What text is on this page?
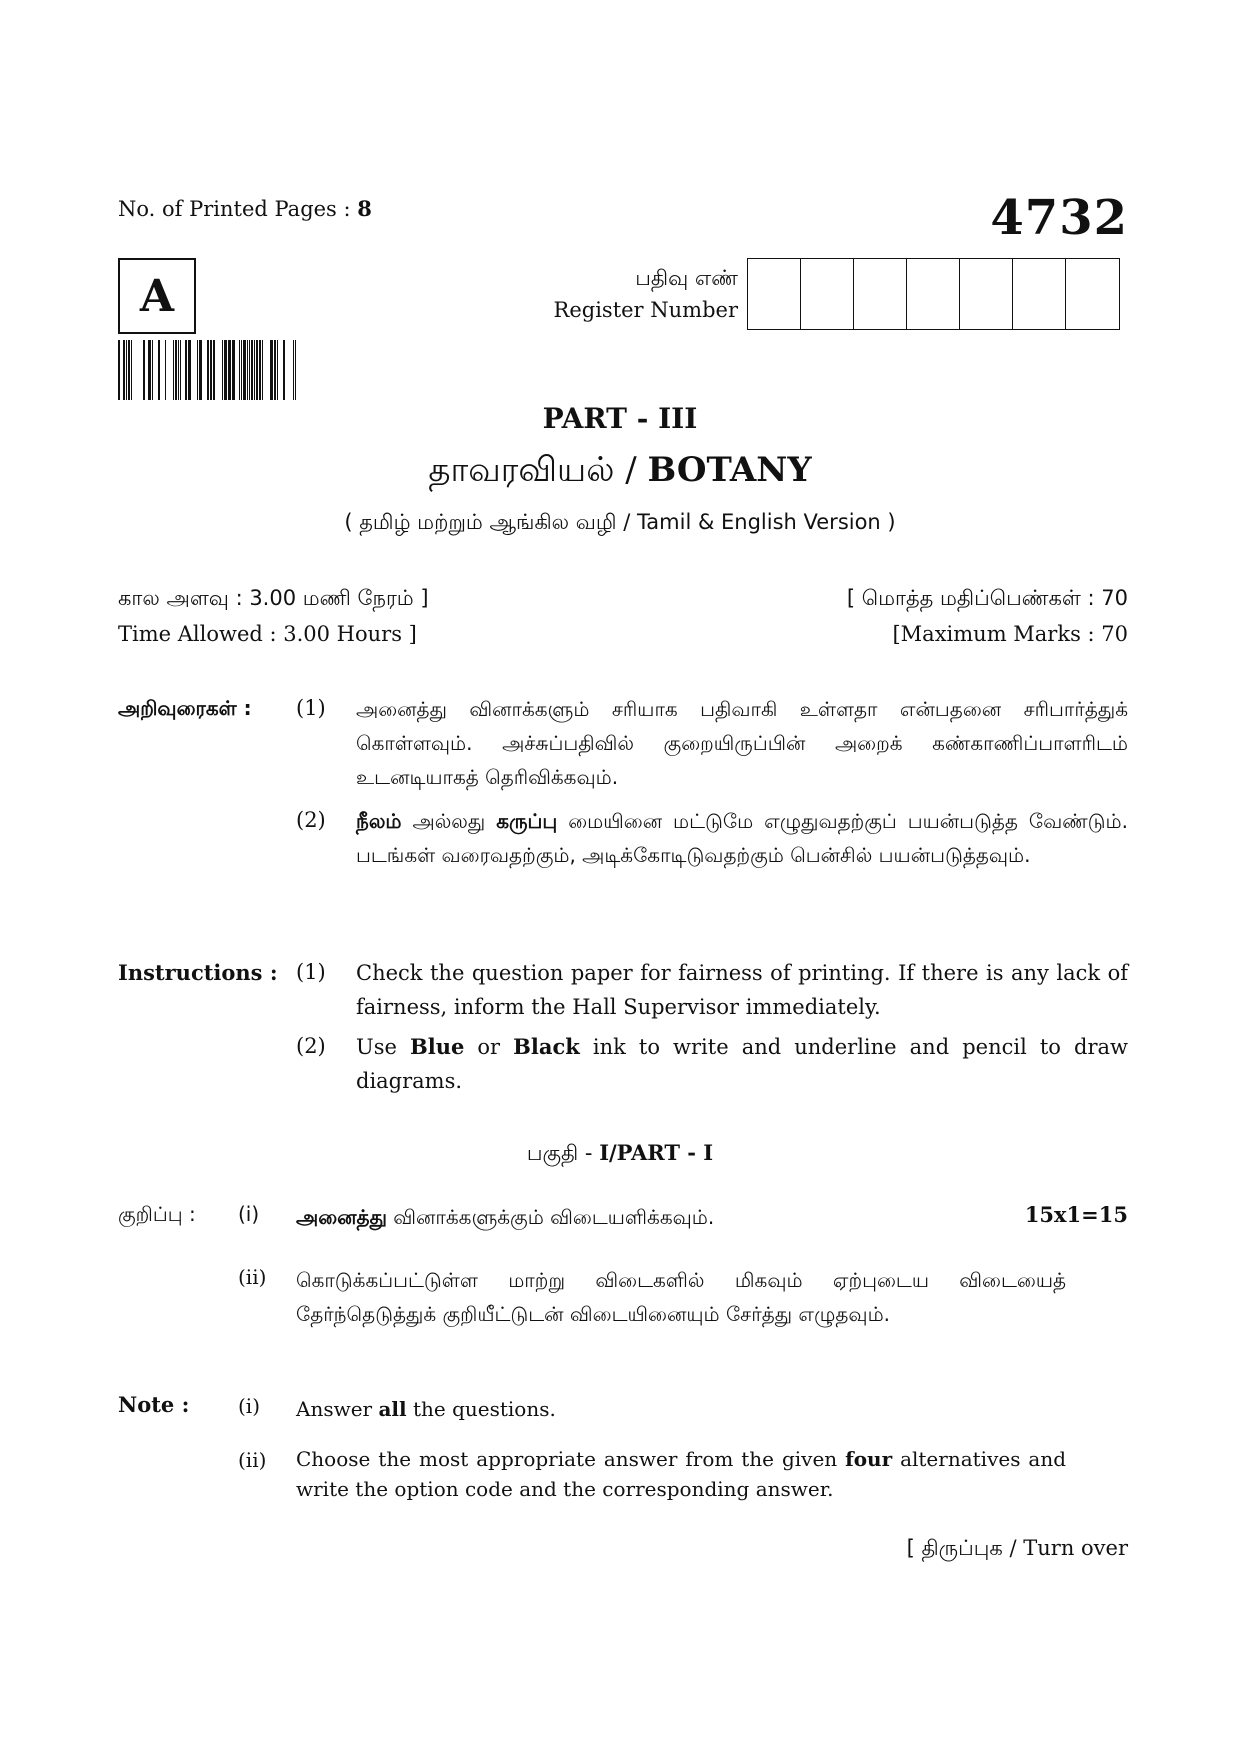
No. of Printed Pages : 8	4732
A	பதிவு எண்
Register Number
PART - III
தாவரவியல் / BOTANY
( தமிழ் மற்றும் ஆங்கில வழி / Tamil & English Version )
கால அளவு : 3.00 மணி நேரம் ]	[ மொத்த மதிப்பெண்கள் : 70
Time Allowed : 3.00 Hours ]	[Maximum Marks : 70
அறிவுரைகள் : (1) அனைத்து வினாக்களும் சரியாக பதிவாகி உள்ளதா என்பதனை சரிபார்த்துக் கொள்ளவும். அச்சுப்பதிவில் குறையிருப்பின் அறைக் கண்காணிப்பாளரிடம் உடனடியாகத் தெரிவிக்கவும்.
(2) நீலம் அல்லது கருப்பு மையினை மட்டுமே எழுதுவதற்குப் பயன்படுத்த வேண்டும். படங்கள் வரைவதற்கும், அடிக்கோடிடுவதற்கும் பென்சில் பயன்படுத்தவும்.
Instructions : (1) Check the question paper for fairness of printing. If there is any lack of fairness, inform the Hall Supervisor immediately.
(2) Use Blue or Black ink to write and underline and pencil to draw diagrams.
பகுதி - I/PART - I
குறிப்பு : (i) அனைத்து வினாக்களுக்கும் விடையளிக்கவும்.	15x1=15
(ii) கொடுக்கப்பட்டுள்ள மாற்று விடைகளில் மிகவும் ஏற்புடைய விடையைத் தேர்ந்தெடுத்துக் குறியீட்டுடன் விடையினையும் சேர்த்து எழுதவும்.
Note : (i) Answer all the questions.
(ii) Choose the most appropriate answer from the given four alternatives and write the option code and the corresponding answer.
[ திருப்புக / Turn over
